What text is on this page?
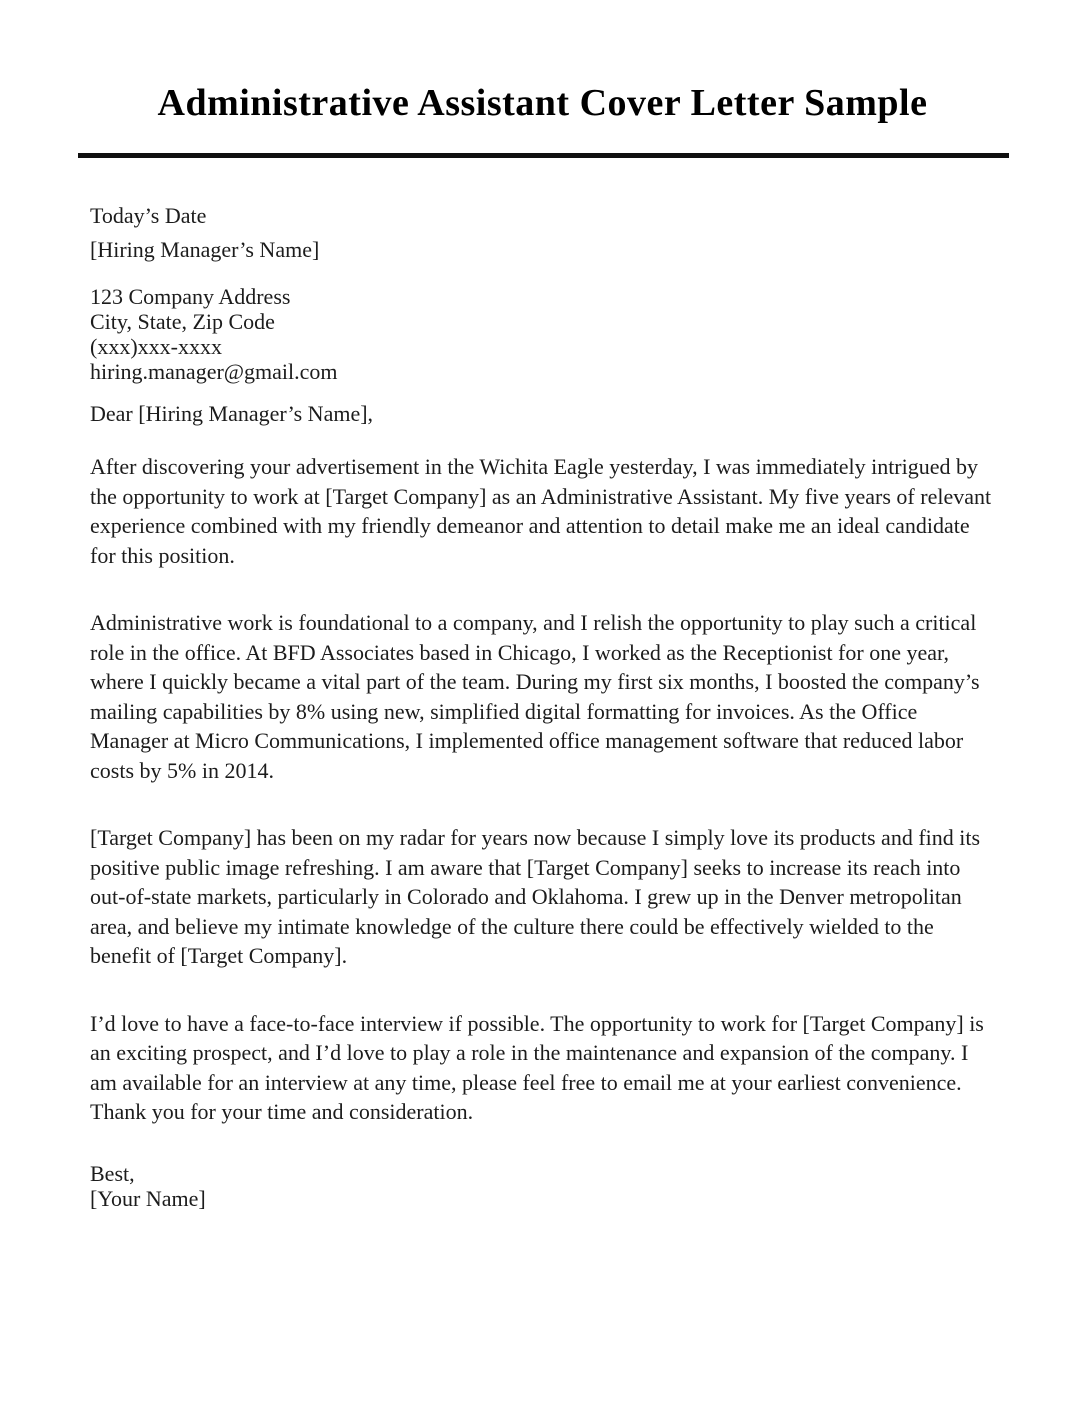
Administrative Assistant Cover Letter Sample

Today’s Date

[Hiring Manager’s Name]

123 Company Address

City, State, Zip Code

(xxx)xxx-xxxx

hiring.manager@gmail.com

Dear [Hiring Manager’s Name],

After discovering your advertisement in the Wichita Eagle yesterday, I was immediately intrigued by the opportunity to work at [Target Company] as an Administrative Assistant. My five years of relevant experience combined with my friendly demeanor and attention to detail make me an ideal candidate for this position.

Administrative work is foundational to a company, and I relish the opportunity to play such a critical role in the office. At BFD Associates based in Chicago, I worked as the Receptionist for one year, where I quickly became a vital part of the team. During my first six months, I boosted the company’s mailing capabilities by 8% using new, simplified digital formatting for invoices. As the Office Manager at Micro Communications, I implemented office management software that reduced labor costs by 5% in 2014.

[Target Company] has been on my radar for years now because I simply love its products and find its positive public image refreshing. I am aware that [Target Company] seeks to increase its reach into out-of-state markets, particularly in Colorado and Oklahoma. I grew up in the Denver metropolitan area, and believe my intimate knowledge of the culture there could be effectively wielded to the benefit of [Target Company].

I’d love to have a face-to-face interview if possible. The opportunity to work for [Target Company] is an exciting prospect, and I’d love to play a role in the maintenance and expansion of the company. I am available for an interview at any time, please feel free to email me at your earliest convenience. Thank you for your time and consideration.

Best,

[Your Name]
